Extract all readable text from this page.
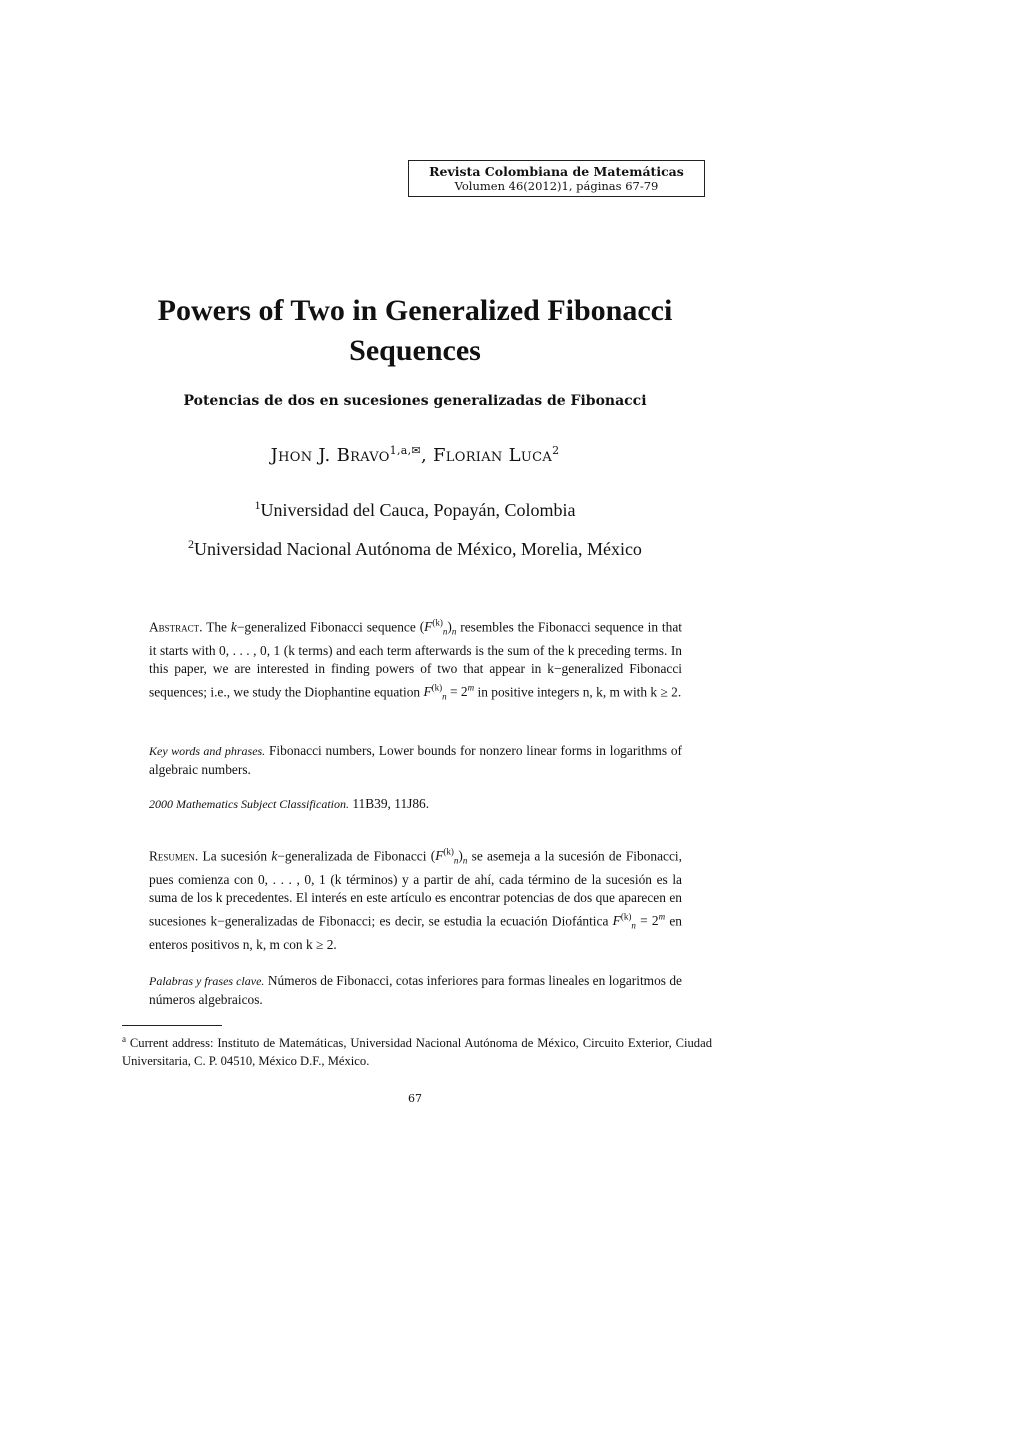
Revista Colombiana de Matemáticas
Volumen 46(2012)1, páginas 67-79
Powers of Two in Generalized Fibonacci
Sequences
Potencias de dos en sucesiones generalizadas de Fibonacci
Jhon J. Bravo$^{1,a,✉}$, Florian Luca$^2$
$^1$Universidad del Cauca, Popayán, Colombia
$^2$Universidad Nacional Autónoma de México, Morelia, México
Abstract. The k−generalized Fibonacci sequence $(F^{(k)}_n)_n$ resembles the Fibonacci sequence in that it starts with 0, . . . , 0, 1 (k terms) and each term afterwards is the sum of the k preceding terms. In this paper, we are interested in finding powers of two that appear in k−generalized Fibonacci sequences; i.e., we study the Diophantine equation $F^{(k)}_n = 2^m$ in positive integers n, k, m with k ≥ 2.
Key words and phrases. Fibonacci numbers, Lower bounds for nonzero linear forms in logarithms of algebraic numbers.
2000 Mathematics Subject Classification. 11B39, 11J86.
Resumen. La sucesión k−generalizada de Fibonacci $(F^{(k)}_n)_n$ se asemeja a la sucesión de Fibonacci, pues comienza con 0, . . . , 0, 1 (k términos) y a partir de ahí, cada término de la sucesión es la suma de los k precedentes. El interés en este artículo es encontrar potencias de dos que aparecen en sucesiones k−generalizadas de Fibonacci; es decir, se estudia la ecuación Diofántica $F^{(k)}_n = 2^m$ en enteros positivos n, k, m con k ≥ 2.
Palabras y frases clave. Números de Fibonacci, cotas inferiores para formas lineales en logaritmos de números algebraicos.
$^a$ Current address: Instituto de Matemáticas, Universidad Nacional Autónoma de México, Circuito Exterior, Ciudad Universitaria, C. P. 04510, México D.F., México.
67
